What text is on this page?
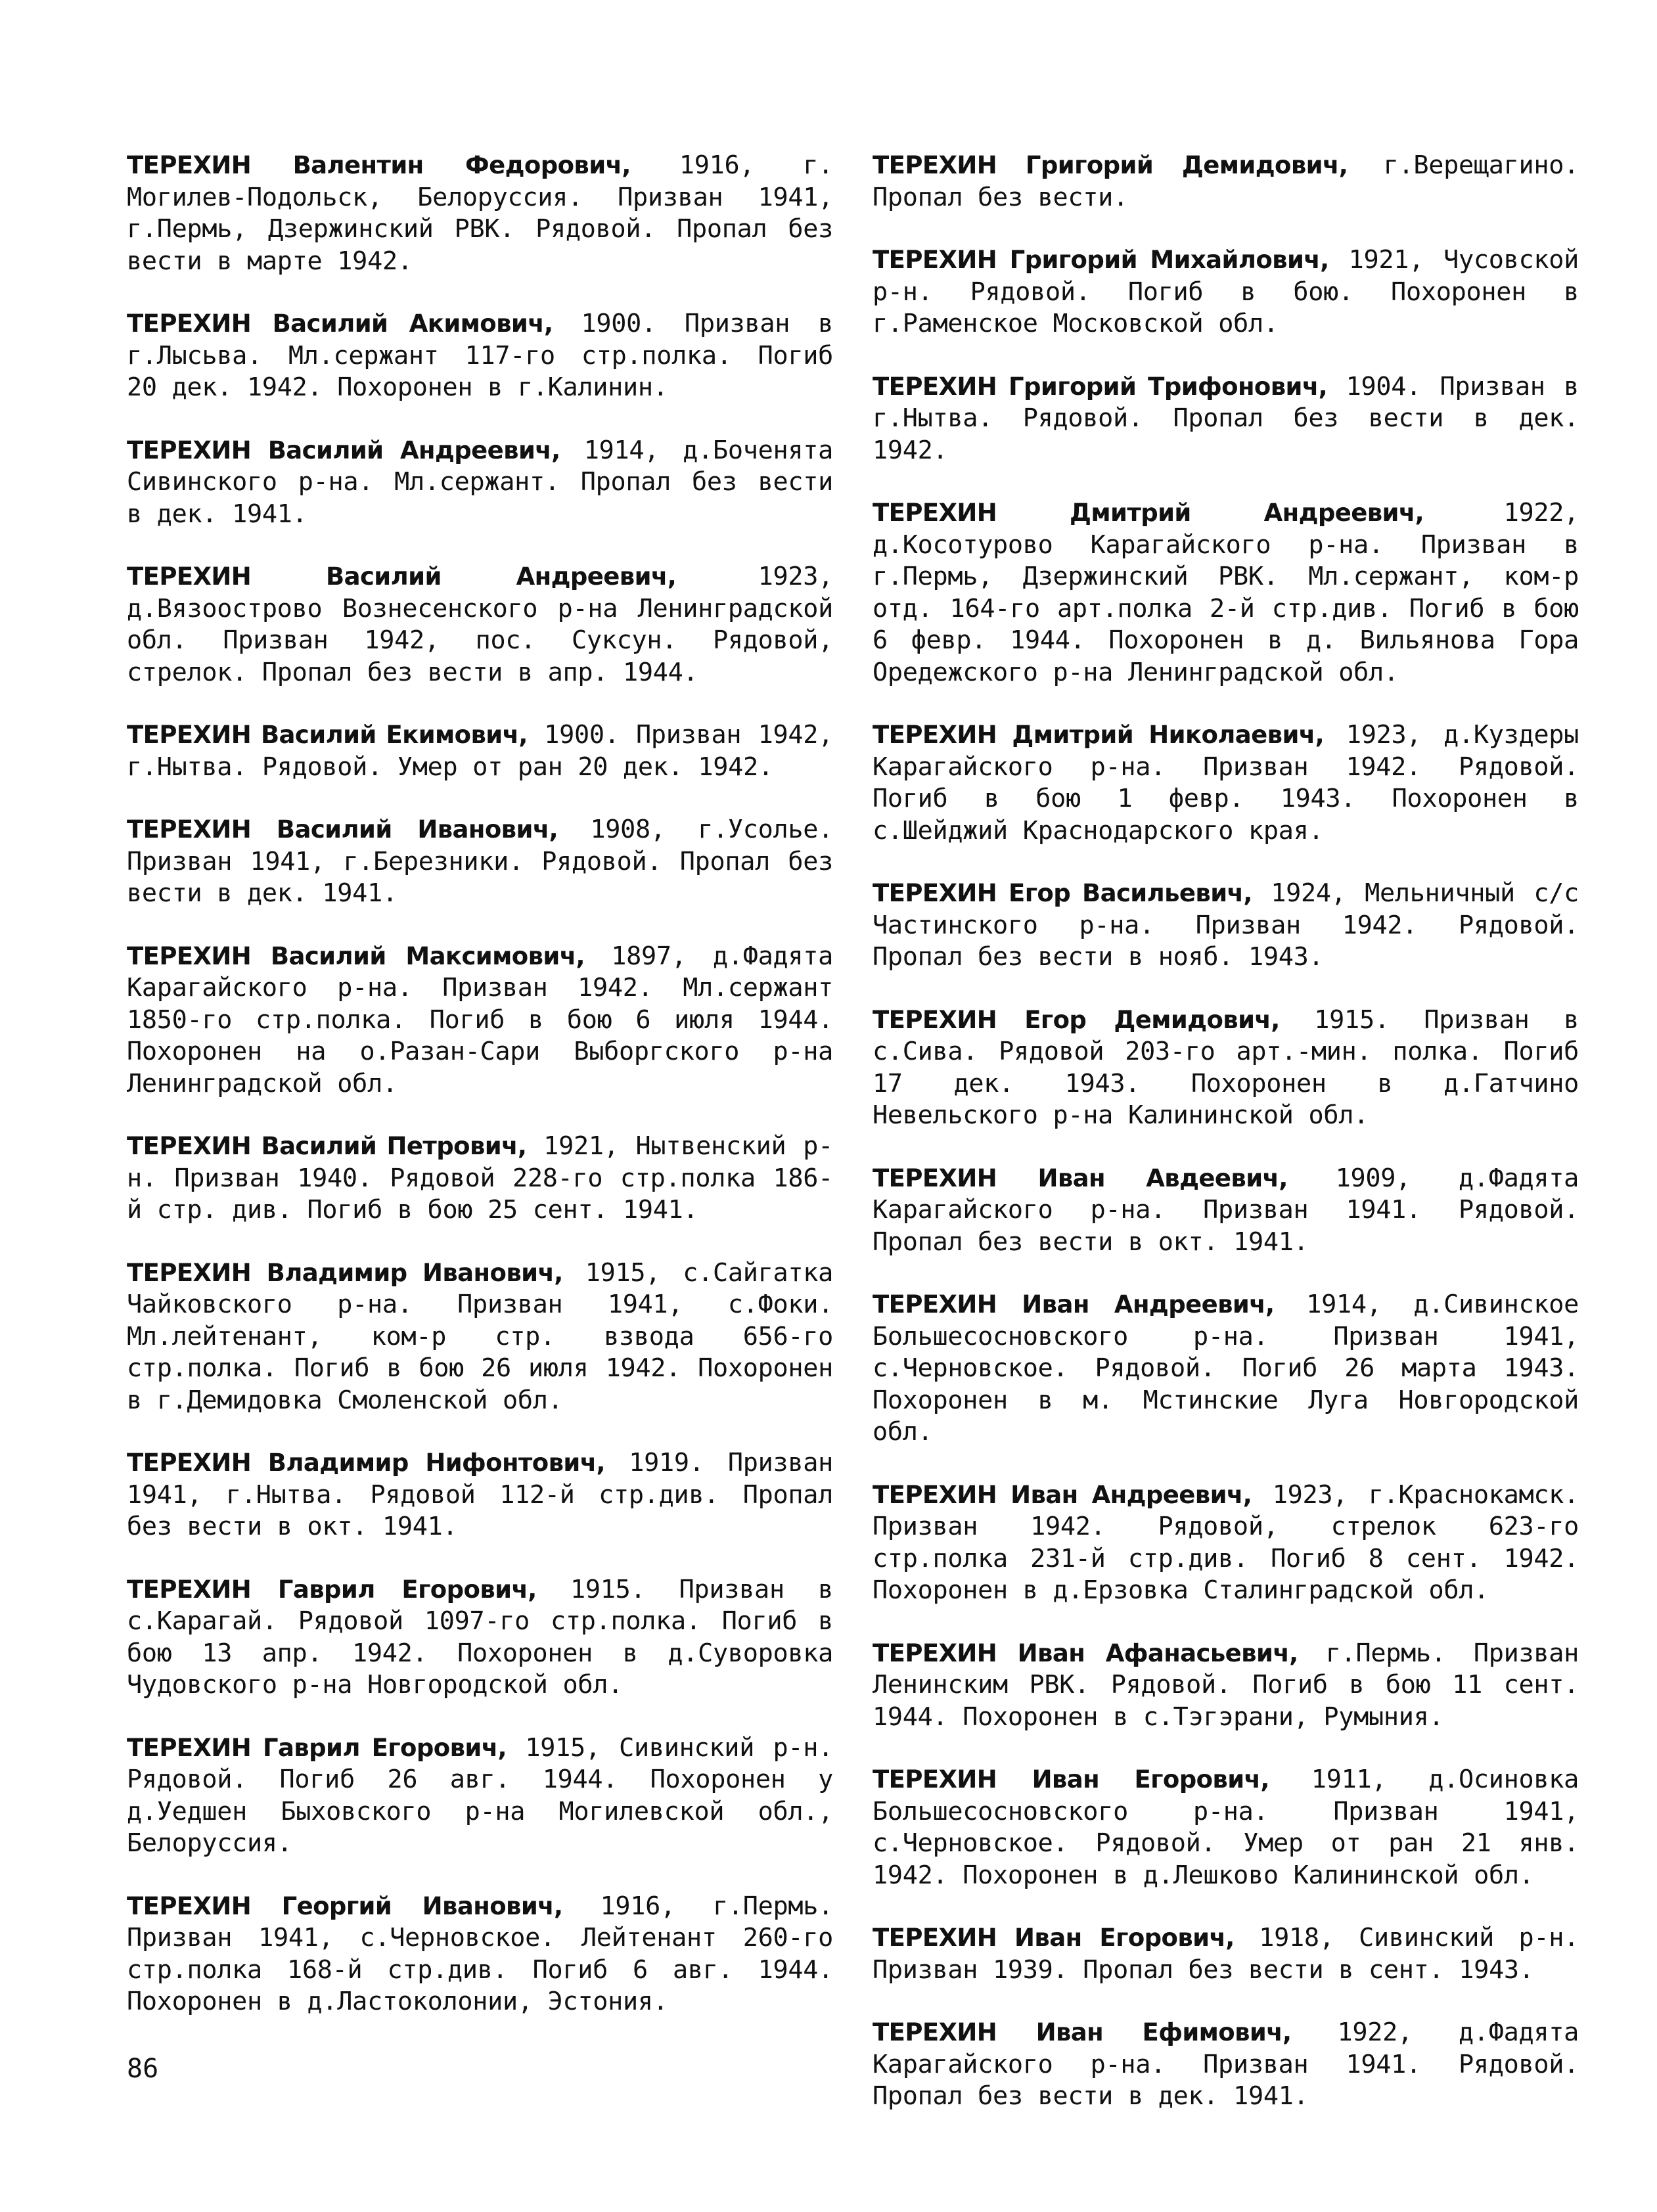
ТЕРЕХИН Валентин Федорович, 1916, г. Могилев-Подольск, Белоруссия. Призван 1941, г.Пермь, Дзержинский РВК. Рядовой. Пропал без вести в марте 1942.

ТЕРЕХИН Василий Акимович, 1900. Призван в г.Лысьва. Мл.сержант 117-го стр.полка. Погиб 20 дек. 1942. Похоронен в г.Калинин.

ТЕРЕХИН Василий Андреевич, 1914, д.Боченята Сивинского р-на. Мл.сержант. Пропал без вести в дек. 1941.

ТЕРЕХИН Василий Андреевич, 1923, д.Вязоострово Вознесенского р-на Ленинградской обл. Призван 1942, пос. Суксун. Рядовой, стрелок. Пропал без вести в апр. 1944.

ТЕРЕХИН Василий Екимович, 1900. Призван 1942, г.Нытва. Рядовой. Умер от ран 20 дек. 1942.

ТЕРЕХИН Василий Иванович, 1908, г.Усолье. Призван 1941, г.Березники. Рядовой. Пропал без вести в дек. 1941.

ТЕРЕХИН Василий Максимович, 1897, д.Фадята Карагайского р-на. Призван 1942. Мл.сержант 1850-го стр.полка. Погиб в бою 6 июля 1944. Похоронен на о.Разан-Сари Выборгского р-на Ленинградской обл.

ТЕРЕХИН Василий Петрович, 1921, Нытвенский р-н. Призван 1940. Рядовой 228-го стр.полка 186-й стр. див. Погиб в бою 25 сент. 1941.

ТЕРЕХИН Владимир Иванович, 1915, с.Сайгатка Чайковского р-на. Призван 1941, с.Фоки. Мл.лейтенант, ком-р стр. взвода 656-го стр.полка. Погиб в бою 26 июля 1942. Похоронен в г.Демидовка Смоленской обл.

ТЕРЕХИН Владимир Нифонтович, 1919. Призван 1941, г.Нытва. Рядовой 112-й стр.див. Пропал без вести в окт. 1941.

ТЕРЕХИН Гаврил Егорович, 1915. Призван в с.Карагай. Рядовой 1097-го стр.полка. Погиб в бою 13 апр. 1942. Похоронен в д.Суворовка Чудовского р-на Новгородской обл.

ТЕРЕХИН Гаврил Егорович, 1915, Сивинский р-н. Рядовой. Погиб 26 авг. 1944. Похоронен у д.Уедшен Быховского р-на Могилевской обл., Белоруссия.

ТЕРЕХИН Георгий Иванович, 1916, г.Пермь. Призван 1941, с.Черновское. Лейтенант 260-го стр.полка 168-й стр.див. Погиб 6 авг. 1944. Похоронен в д.Ластоколонии, Эстония.

ТЕРЕХИН Григорий Демидович, г.Верещагино. Пропал без вести.

ТЕРЕХИН Григорий Михайлович, 1921, Чусовской р-н. Рядовой. Погиб в бою. Похоронен в г.Раменское Московской обл.

ТЕРЕХИН Григорий Трифонович, 1904. Призван в г.Нытва. Рядовой. Пропал без вести в дек. 1942.

ТЕРЕХИН Дмитрий Андреевич, 1922, д.Косотурово Карагайского р-на. Призван в г.Пермь, Дзержинский РВК. Мл.сержант, ком-р отд. 164-го арт.полка 2-й стр.див. Погиб в бою 6 февр. 1944. Похоронен в д. Вильянова Гора Оредежского р-на Ленинградской обл.

ТЕРЕХИН Дмитрий Николаевич, 1923, д.Куздеры Карагайского р-на. Призван 1942. Рядовой. Погиб в бою 1 февр. 1943. Похоронен в с.Шейджий Краснодарского края.

ТЕРЕХИН Егор Васильевич, 1924, Мельничный с/с Частинского р-на. Призван 1942. Рядовой. Пропал без вести в нояб. 1943.

ТЕРЕХИН Егор Демидович, 1915. Призван в с.Сива. Рядовой 203-го арт.-мин. полка. Погиб 17 дек. 1943. Похоронен в д.Гатчино Невельского р-на Калининской обл.

ТЕРЕХИН Иван Авдеевич, 1909, д.Фадята Карагайского р-на. Призван 1941. Рядовой. Пропал без вести в окт. 1941.

ТЕРЕХИН Иван Андреевич, 1914, д.Сивинское Большесосновского р-на. Призван 1941, с.Черновское. Рядовой. Погиб 26 марта 1943. Похоронен в м. Мстинские Луга Новгородской обл.

ТЕРЕХИН Иван Андреевич, 1923, г.Краснокамск. Призван 1942. Рядовой, стрелок 623-го стр.полка 231-й стр.див. Погиб 8 сент. 1942. Похоронен в д.Ерзовка Сталинградской обл.

ТЕРЕХИН Иван Афанасьевич, г.Пермь. Призван Ленинским РВК. Рядовой. Погиб в бою 11 сент. 1944. Похоронен в с.Тэгэрани, Румыния.

ТЕРЕХИН Иван Егорович, 1911, д.Осиновка Большесосновского р-на. Призван 1941, с.Черновское. Рядовой. Умер от ран 21 янв. 1942. Похоронен в д.Лешково Калининской обл.

ТЕРЕХИН Иван Егорович, 1918, Сивинский р-н. Призван 1939. Пропал без вести в сент. 1943.

ТЕРЕХИН Иван Ефимович, 1922, д.Фадята Карагайского р-на. Призван 1941. Рядовой. Пропал без вести в дек. 1941.

86
